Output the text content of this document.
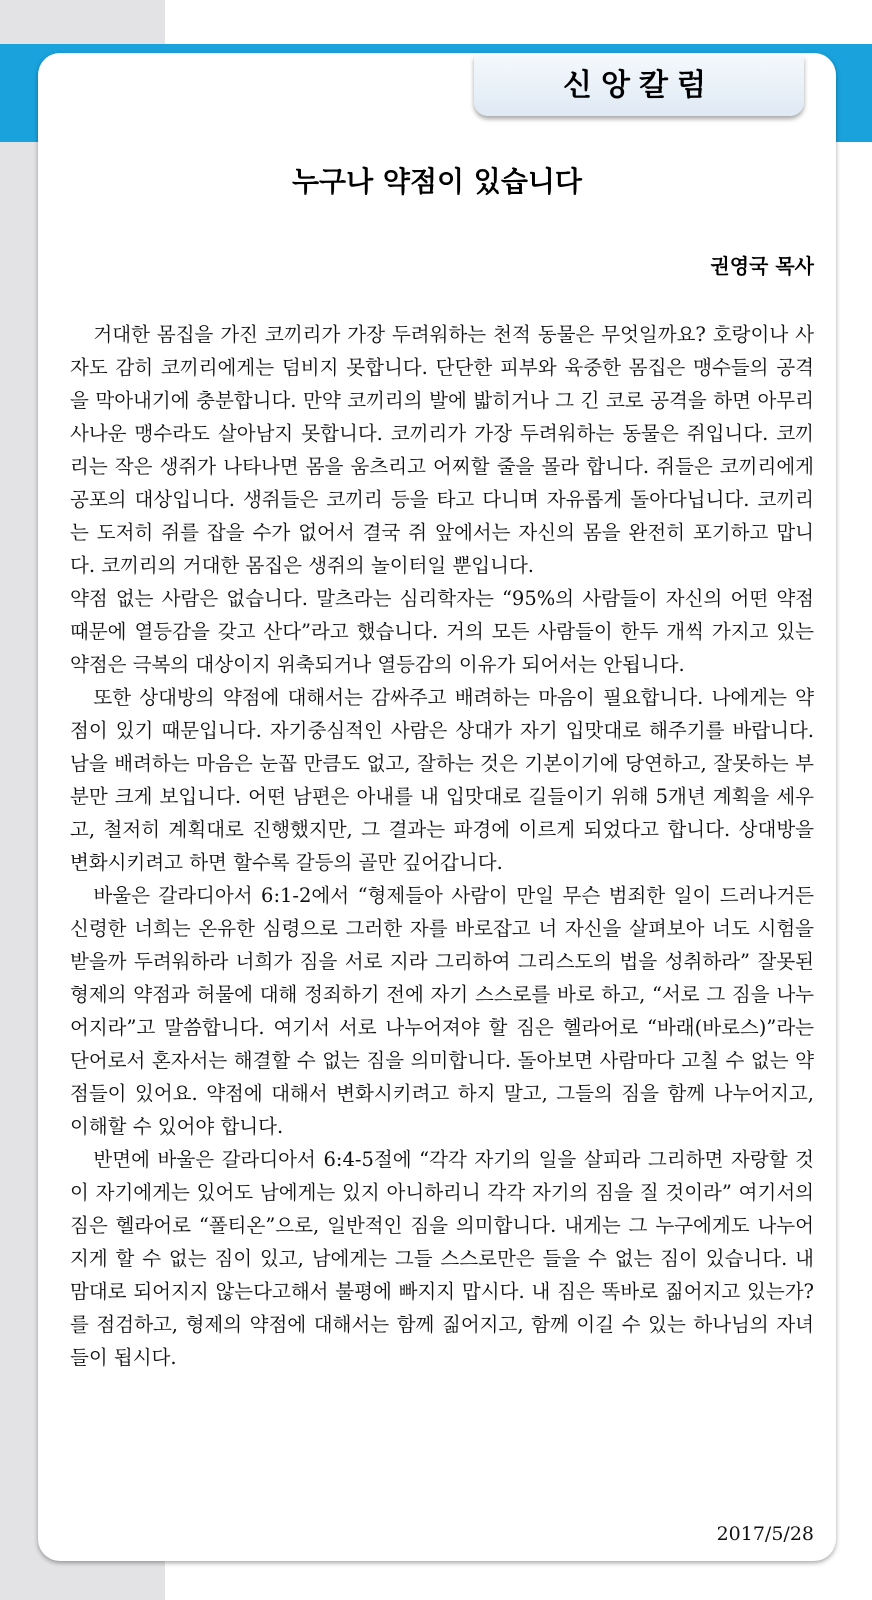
신앙칼럼
누구나 약점이 있습니다
권영국 목사

거대한 몸집을 가진 코끼리가 가장 두려워하는 천적 동물은 무엇일까요? 호랑이나 사자도 감히 코끼리에게는 덤비지 못합니다. 단단한 피부와 육중한 몸집은 맹수들의 공격을 막아내기에 충분합니다. 만약 코끼리의 발에 밟히거나 그 긴 코로 공격을 하면 아무리 사나운 맹수라도 살아남지 못합니다. 코끼리가 가장 두려워하는 동물은 쥐입니다. 코끼리는 작은 생쥐가 나타나면 몸을 움츠리고 어찌할 줄을 몰라 합니다. 쥐들은 코끼리에게 공포의 대상입니다. 생쥐들은 코끼리 등을 타고 다니며 자유롭게 돌아다닙니다. 코끼리는 도저히 쥐를 잡을 수가 없어서 결국 쥐 앞에서는 자신의 몸을 완전히 포기하고 맙니다. 코끼리의 거대한 몸집은 생쥐의 놀이터일 뿐입니다.

약점 없는 사람은 없습니다. 말츠라는 심리학자는 “95%의 사람들이 자신의 어떤 약점 때문에 열등감을 갖고 산다”라고 했습니다. 거의 모든 사람들이 한두 개씩 가지고 있는 약점은 극복의 대상이지 위축되거나 열등감의 이유가 되어서는 안됩니다.

또한 상대방의 약점에 대해서는 감싸주고 배려하는 마음이 필요합니다. 나에게는 약점이 있기 때문입니다. 자기중심적인 사람은 상대가 자기 입맛대로 해주기를 바랍니다. 남을 배려하는 마음은 눈꼽 만큼도 없고, 잘하는 것은 기본이기에 당연하고, 잘못하는 부분만 크게 보입니다. 어떤 남편은 아내를 내 입맛대로 길들이기 위해 5개년 계획을 세우고, 철저히 계획대로 진행했지만, 그 결과는 파경에 이르게 되었다고 합니다. 상대방을 변화시키려고 하면 할수록 갈등의 골만 깊어갑니다.

바울은 갈라디아서 6:1-2에서 “형제들아 사람이 만일 무슨 범죄한 일이 드러나거든 신령한 너희는 온유한 심령으로 그러한 자를 바로잡고 너 자신을 살펴보아 너도 시험을 받을까 두려워하라 너희가 짐을 서로 지라 그리하여 그리스도의 법을 성취하라” 잘못된 형제의 약점과 허물에 대해 정죄하기 전에 자기 스스로를 바로 하고, “서로 그 짐을 나누어지라”고 말씀합니다. 여기서 서로 나누어져야 할 짐은 헬라어로 “바래(바로스)”라는 단어로서 혼자서는 해결할 수 없는 짐을 의미합니다. 돌아보면 사람마다 고칠 수 없는 약점들이 있어요. 약점에 대해서 변화시키려고 하지 말고, 그들의 짐을 함께 나누어지고, 이해할 수 있어야 합니다.

반면에 바울은 갈라디아서 6:4-5절에 “각각 자기의 일을 살피라 그리하면 자랑할 것이 자기에게는 있어도 남에게는 있지 아니하리니 각각 자기의 짐을 질 것이라” 여기서의 짐은 헬라어로 “폴티온”으로, 일반적인 짐을 의미합니다. 내게는 그 누구에게도 나누어지게 할 수 없는 짐이 있고, 남에게는 그들 스스로만은 들을 수 없는 짐이 있습니다. 내 맘대로 되어지지 않는다고해서 불평에 빠지지 맙시다. 내 짐은 똑바로 짊어지고 있는가?를 점검하고, 형제의 약점에 대해서는 함께 짊어지고, 함께 이길 수 있는 하나님의 자녀들이 됩시다.

2017/5/28
